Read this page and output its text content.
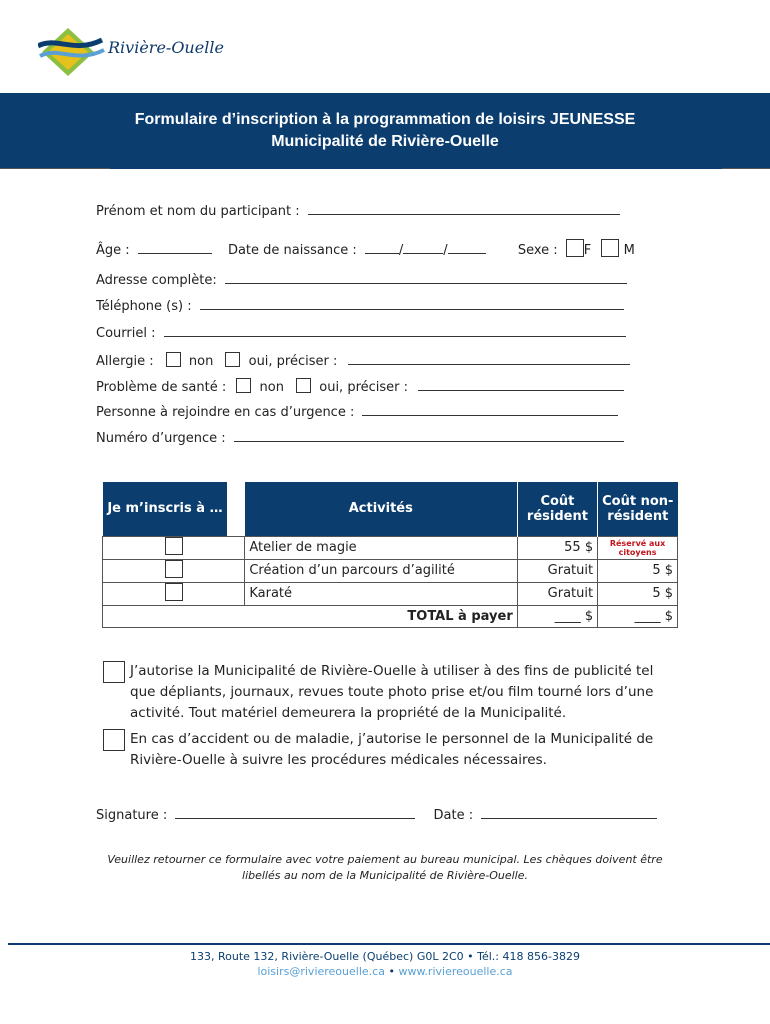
Rivière-Ouelle
Formulaire d’inscription à la programmation de loisirs JEUNESSE
Municipalité de Rivière-Ouelle
Prénom et nom du participant :
Âge :	Date de naissance :	/	/	Sexe : F M
Adresse complète:
Téléphone (s) :
Courriel :
Allergie :	non	oui, préciser :
Problème de santé :	non	oui, préciser :
Personne à rejoindre en cas d’urgence :
Numéro d’urgence :
Je m’inscris à …		Activités	Coût résident	Coût non-résident
		Atelier de magie	55 $	Réservé aux citoyens
		Création d’un parcours d’agilité	Gratuit	5 $
		Karaté	Gratuit	5 $
		TOTAL à payer	____ $	____ $
J’autorise la Municipalité de Rivière-Ouelle à utiliser à des fins de publicité tel que dépliants, journaux, revues toute photo prise et/ou film tourné lors d’une activité. Tout matériel demeurera la propriété de la Municipalité.
En cas d’accident ou de maladie, j’autorise le personnel de la Municipalité de Rivière-Ouelle à suivre les procédures médicales nécessaires.
Signature :	Date :
Veuillez retourner ce formulaire avec votre paiement au bureau municipal. Les chèques doivent être
libellés au nom de la Municipalité de Rivière-Ouelle.
133, Route 132, Rivière-Ouelle (Québec) G0L 2C0 • Tél.: 418 856-3829
loisirs@riviereouelle.ca • www.riviereouelle.ca
